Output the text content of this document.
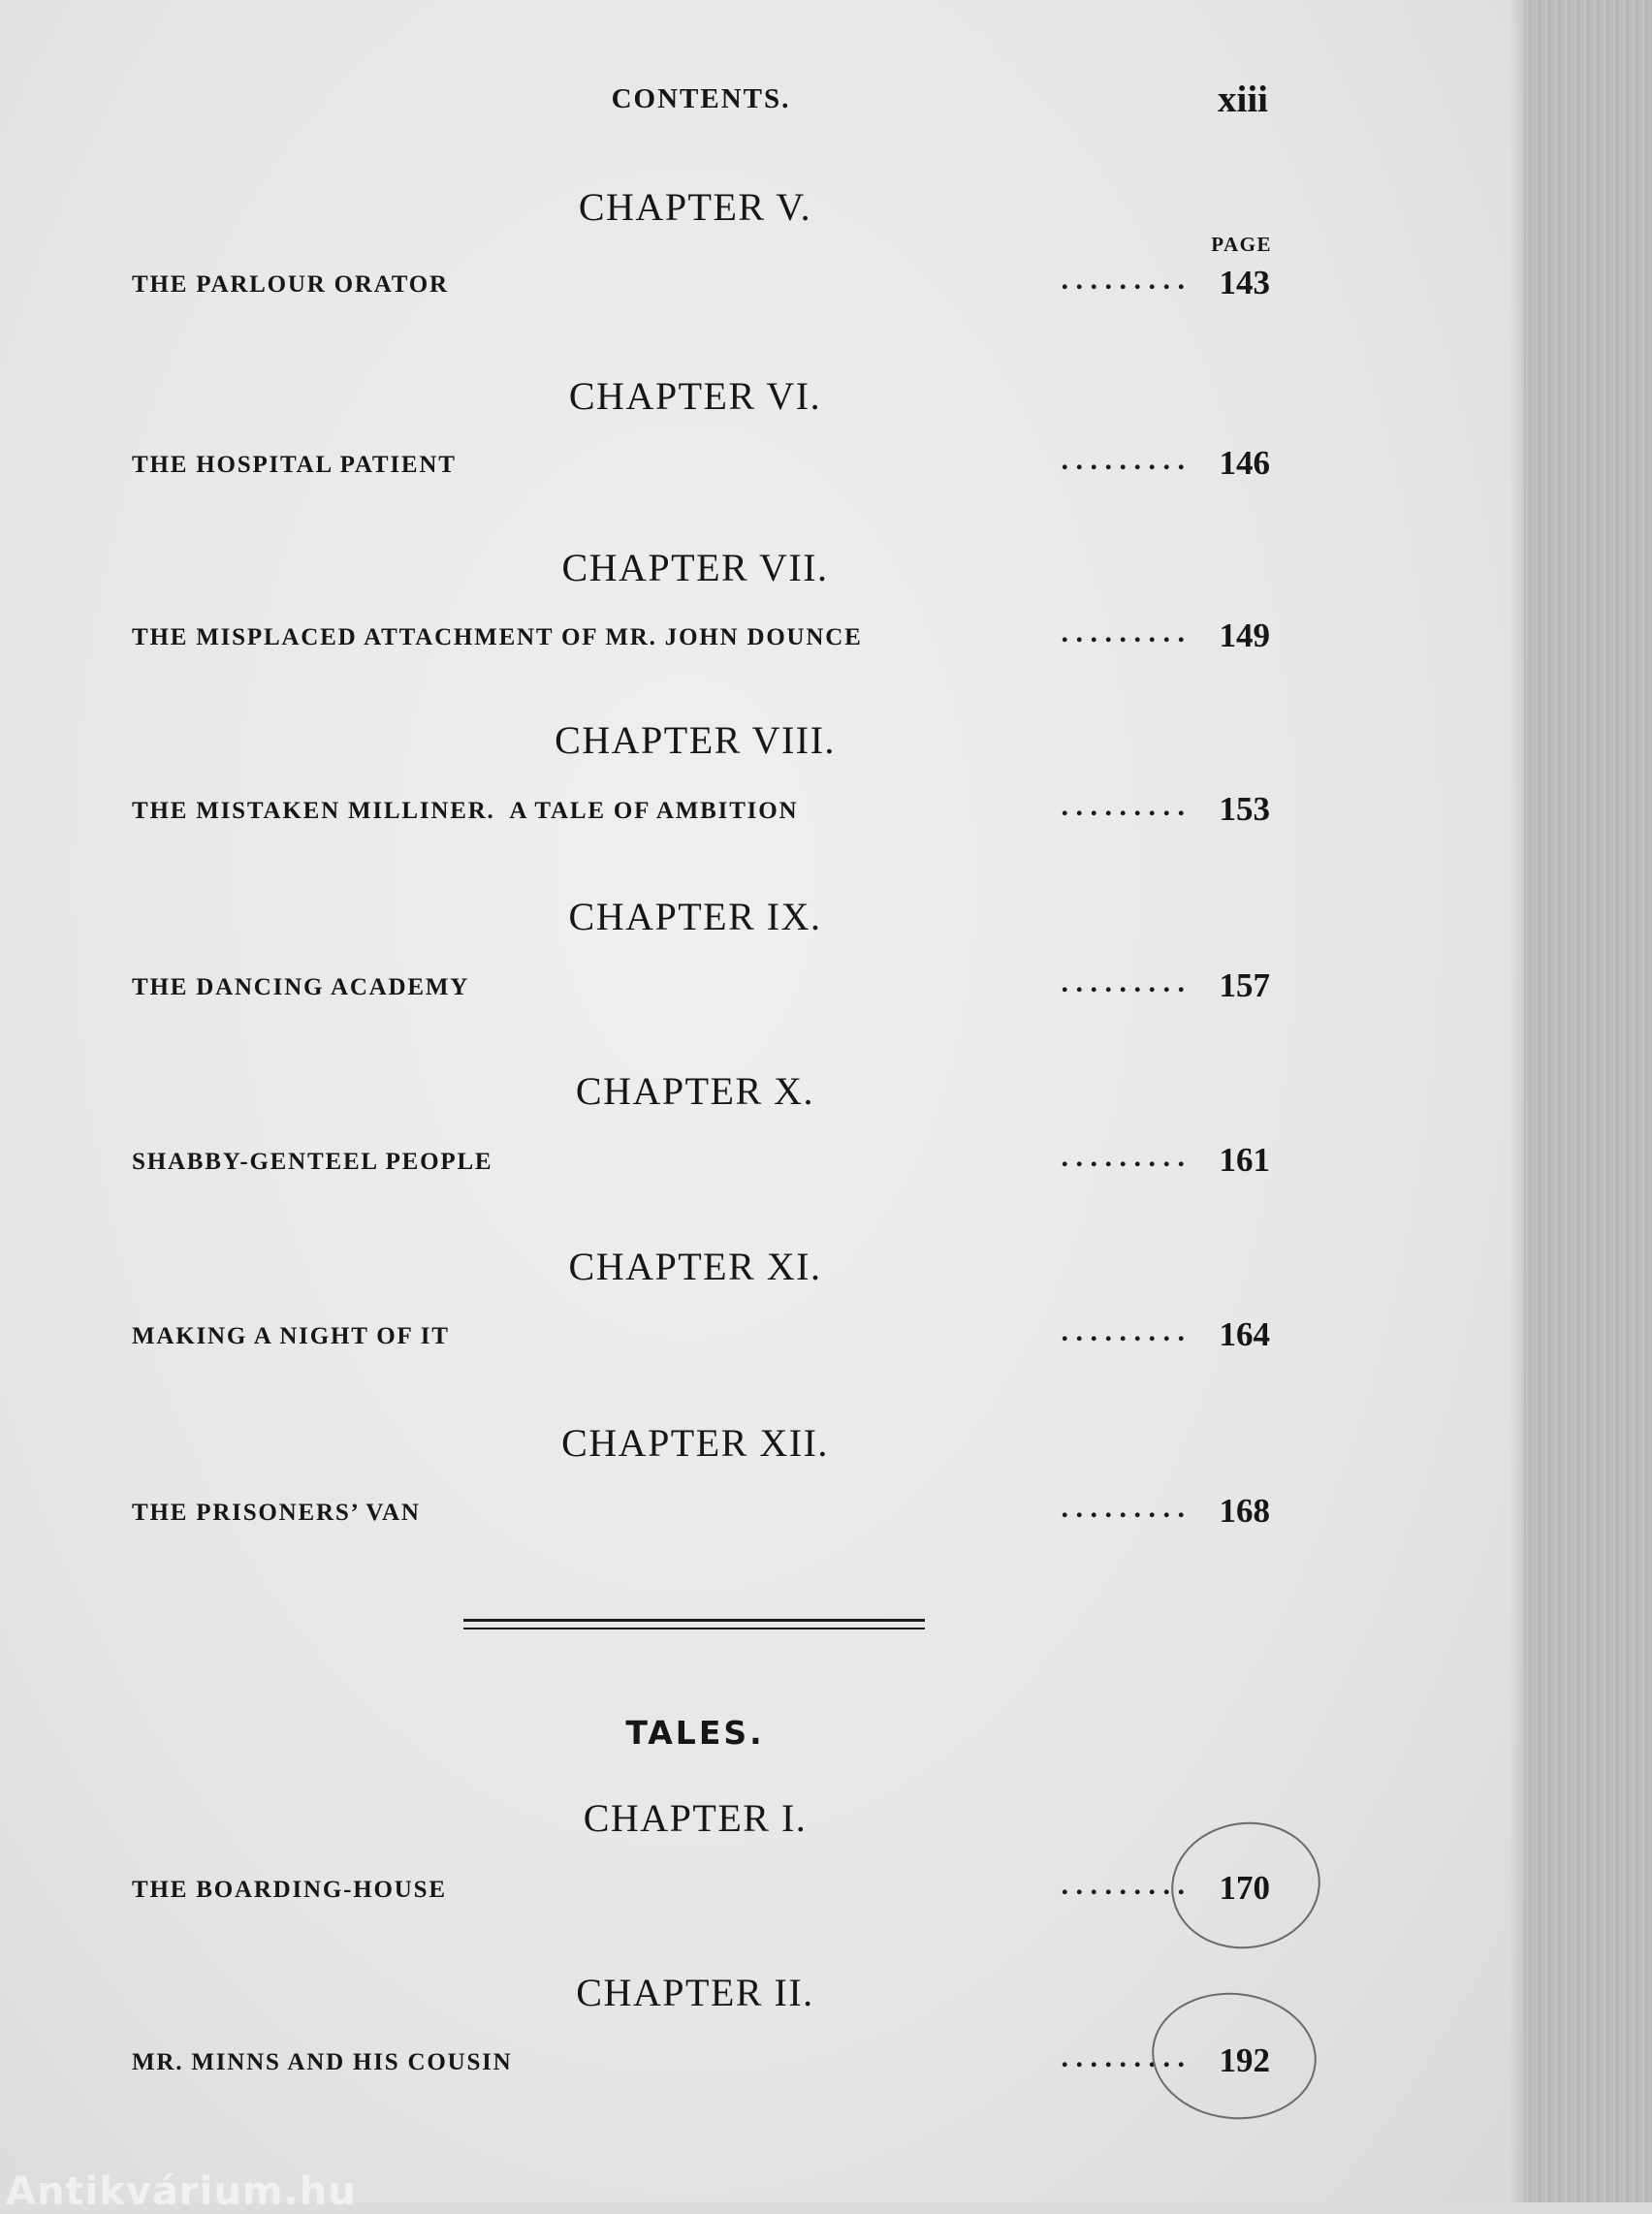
CONTENTS.	xiii
PAGE
CHAPTER V.
THE PARLOUR ORATOR	. . . . . . . . . 143
CHAPTER VI.
THE HOSPITAL PATIENT	. . . . . . . . . 146
CHAPTER VII.
THE MISPLACED ATTACHMENT OF MR. JOHN DOUNCE	. . . . . . . . . 149
CHAPTER VIII.
THE MISTAKEN MILLINER.  A TALE OF AMBITION	. . . . . . . . . 153
CHAPTER IX.
THE DANCING ACADEMY	. . . . . . . . . 157
CHAPTER X.
SHABBY-GENTEEL PEOPLE	. . . . . . . . . 161
CHAPTER XI.
MAKING A NIGHT OF IT	. . . . . . . . . 164
CHAPTER XII.
THE PRISONERS’ VAN	. . . . . . . . . 168
TALES.
CHAPTER I.
THE BOARDING-HOUSE	. . . . . . . . . 170
CHAPTER II.
MR. MINNS AND HIS COUSIN	. . . . . . . . . 192
Antikvárium.hu
